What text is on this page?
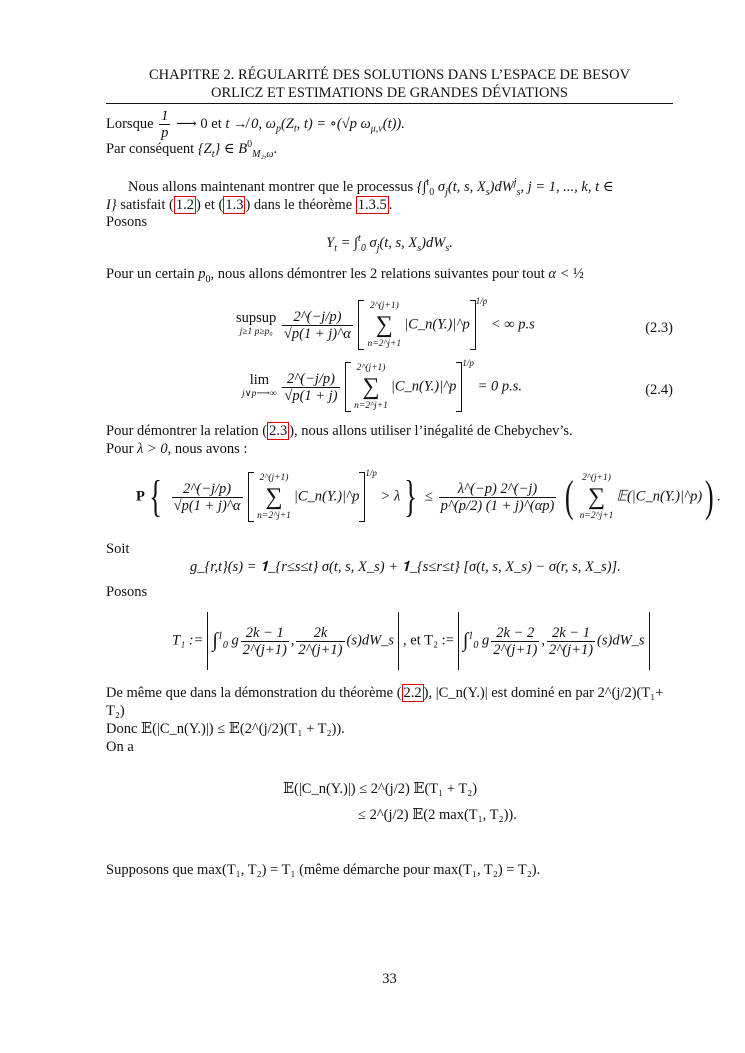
CHAPITRE 2. RÉGULARITÉ DES SOLUTIONS DANS L’ESPACE DE BESOV
ORLICZ ET ESTIMATIONS DE GRANDES DÉVIATIONS
Lorsque $\frac{1}{p}$ ⟶ 0 et t ↛ 0, $\omega_p(Z_t$, t) = ∘(√p $\omega_{\mu,\nu}(t)$).
Par conséquent $\{Z_t\}$ ∈ $B^0_{M_2,\omega}$.
Nous allons maintenant montrer que le processus {∫$^t_0$ $\sigma_j(t$, s, $X_s)dW^j_s$, j = 1, ..., k, t ∈
I} satisfait ( 1.2 ) et ( 1.3 ) dans le théorème 1.3.5 .
Posons
$Y_t = \int^t_0$ $\sigma_j(t$, s, $X_s)dW_s$.
Pour un certain $p_0$, nous allons démontrer les 2 relations suivantes pour tout α < ½
supsup
j≥1 p≥p₀
$\frac{2\^{}(-j/p)}{√p(1 + j)\^{}\alpha}$

2^(j+1)
∑
n=2^j+1
|C_n(Y.)|^p1/p < ∞ p.s	(2.3)
lim
j∨p⟶∞
$\frac{2\^{}(-j/p)}{√p(1 + j)}$

2^(j+1)
∑
n=2^j+1
|C_n(Y.)|^p1/p = 0 p.s.	(2.4)
Pour démontrer la relation ( 2.3 ), nous allons utiliser l’inégalité de Chebychev’s.
Pour λ > 0, nous avons :
$P\{ \frac{2\^{}(-j/p)}{√p(1 + j)\^{}\alpha}$

2^(j+1)
∑
n=2^j+1
|C_n(Y.)|^p1/p > $\lambda\} \le \frac{\lambda\^{}(-p) 2\^{}(-j)}{p\^{}(p/2) (1 + j)\^{}(\alpha p)}$ ( 2^(j+1)
∑
n=2^j+1
𝔼(|C_n(Y.)|^p)) .
Soit
g_{r,t}(s) = 𝟏_{r≤s≤t} σ(t, s, X_s) + 𝟏_{s≤r≤t} [σ(t, s, X_s) − σ(r, s, X_s)].
Posons
T₁ := ∫$^1_0$ g $\frac{2k - 1}{2\^{}(j+1)}$ , $\frac{2k}{2\^{}(j+1)}$ (s)dW_s , et T₂ := ∫$^1_0$ g $\frac{2k - 2}{2\^{}(j+1)}$ , $\frac{2k - 1}{2\^{}(j+1)}$ (s)dW_s
De même que dans la démonstration du théorème ( 2.2 ), |C_n(Y.)| est dominé en par 2^(j/2)(T₁+
T₂)
Donc 𝔼(|C_n(Y.)|) ≤ 𝔼(2^(j/2)(T₁ + T₂)).
On a
𝔼(|C_n(Y.)|) ≤ 2^(j/2) 𝔼(T₁ + T₂)
≤ 2^(j/2) 𝔼(2 max(T₁, T₂)).
Supposons que max(T₁, T₂) = T₁ (même démarche pour max(T₁, T₂) = T₂).
33
